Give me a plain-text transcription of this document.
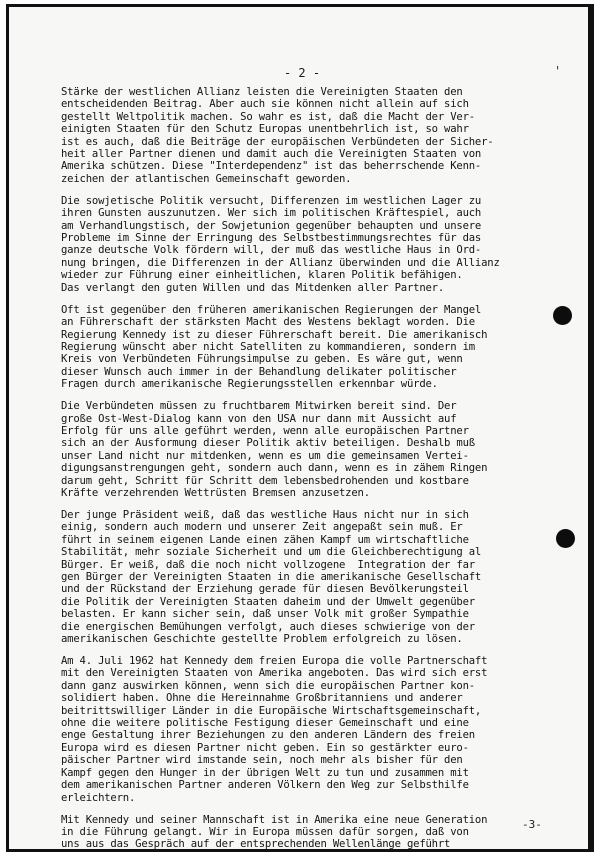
- 2 -	'
Stärke der westlichen Allianz leisten die Vereinigten Staaten den
entscheidenden Beitrag. Aber auch sie können nicht allein auf sich
gestellt Weltpolitik machen. So wahr es ist, daß die Macht der Ver-
einigten Staaten für den Schutz Europas unentbehrlich ist, so wahr
ist es auch, daß die Beiträge der europäischen Verbündeten der Sicher-
heit aller Partner dienen und damit auch die Vereinigten Staaten von
Amerika schützen. Diese "Interdependenz" ist das beherrschende Kenn-
zeichen der atlantischen Gemeinschaft geworden.
Die sowjetische Politik versucht, Differenzen im westlichen Lager zu
ihren Gunsten auszunutzen. Wer sich im politischen Kräftespiel, auch
am Verhandlungstisch, der Sowjetunion gegenüber behaupten und unsere
Probleme im Sinne der Erringung des Selbstbestimmungsrechtes für das
ganze deutsche Volk fördern will, der muß das westliche Haus in Ord-
nung bringen, die Differenzen in der Allianz überwinden und die Allianz
wieder zur Führung einer einheitlichen, klaren Politik befähigen.
Das verlangt den guten Willen und das Mitdenken aller Partner.
Oft ist gegenüber den früheren amerikanischen Regierungen der Mangel
an Führerschaft der stärksten Macht des Westens beklagt worden. Die
Regierung Kennedy ist zu dieser Führerschaft bereit. Die amerikanisch
Regierung wünscht aber nicht Satelliten zu kommandieren, sondern im
Kreis von Verbündeten Führungsimpulse zu geben. Es wäre gut, wenn
dieser Wunsch auch immer in der Behandlung delikater politischer
Fragen durch amerikanische Regierungsstellen erkennbar würde.
Die Verbündeten müssen zu fruchtbarem Mitwirken bereit sind. Der
große Ost-West-Dialog kann von den USA nur dann mit Aussicht auf
Erfolg für uns alle geführt werden, wenn alle europäischen Partner
sich an der Ausformung dieser Politik aktiv beteiligen. Deshalb muß
unser Land nicht nur mitdenken, wenn es um die gemeinsamen Vertei-
digungsanstrengungen geht, sondern auch dann, wenn es in zähem Ringen
darum geht, Schritt für Schritt dem lebensbedrohenden und kostbare
Kräfte verzehrenden Wettrüsten Bremsen anzusetzen.
Der junge Präsident weiß, daß das westliche Haus nicht nur in sich
einig, sondern auch modern und unserer Zeit angepaßt sein muß. Er
führt in seinem eigenen Lande einen zähen Kampf um wirtschaftliche
Stabilität, mehr soziale Sicherheit und um die Gleichberechtigung al
Bürger. Er weiß, daß die noch nicht vollzogene  Integration der far
gen Bürger der Vereinigten Staaten in die amerikanische Gesellschaft
und der Rückstand der Erziehung gerade für diesen Bevölkerungsteil
die Politik der Vereinigten Staaten daheim und der Umwelt gegenüber
belasten. Er kann sicher sein, daß unser Volk mit großer Sympathie
die energischen Bemühungen verfolgt, auch dieses schwierige von der
amerikanischen Geschichte gestellte Problem erfolgreich zu lösen.
Am 4. Juli 1962 hat Kennedy dem freien Europa die volle Partnerschaft
mit den Vereinigten Staaten von Amerika angeboten. Das wird sich erst
dann ganz auswirken können, wenn sich die europäischen Partner kon-
solidiert haben. Ohne die Hereinnahme Großbritanniens und anderer
beitrittswilliger Länder in die Europäische Wirtschaftsgemeinschaft,
ohne die weitere politische Festigung dieser Gemeinschaft und eine
enge Gestaltung ihrer Beziehungen zu den anderen Ländern des freien
Europa wird es diesen Partner nicht geben. Ein so gestärkter euro-
päischer Partner wird imstande sein, noch mehr als bisher für den
Kampf gegen den Hunger in der übrigen Welt zu tun und zusammen mit
dem amerikanischen Partner anderen Völkern den Weg zur Selbsthilfe
erleichtern.
Mit Kennedy und seiner Mannschaft ist in Amerika eine neue Generation
in die Führung gelangt. Wir in Europa müssen dafür sorgen, daß von
uns aus das Gespräch auf der entsprechenden Wellenlänge geführt
-3-
